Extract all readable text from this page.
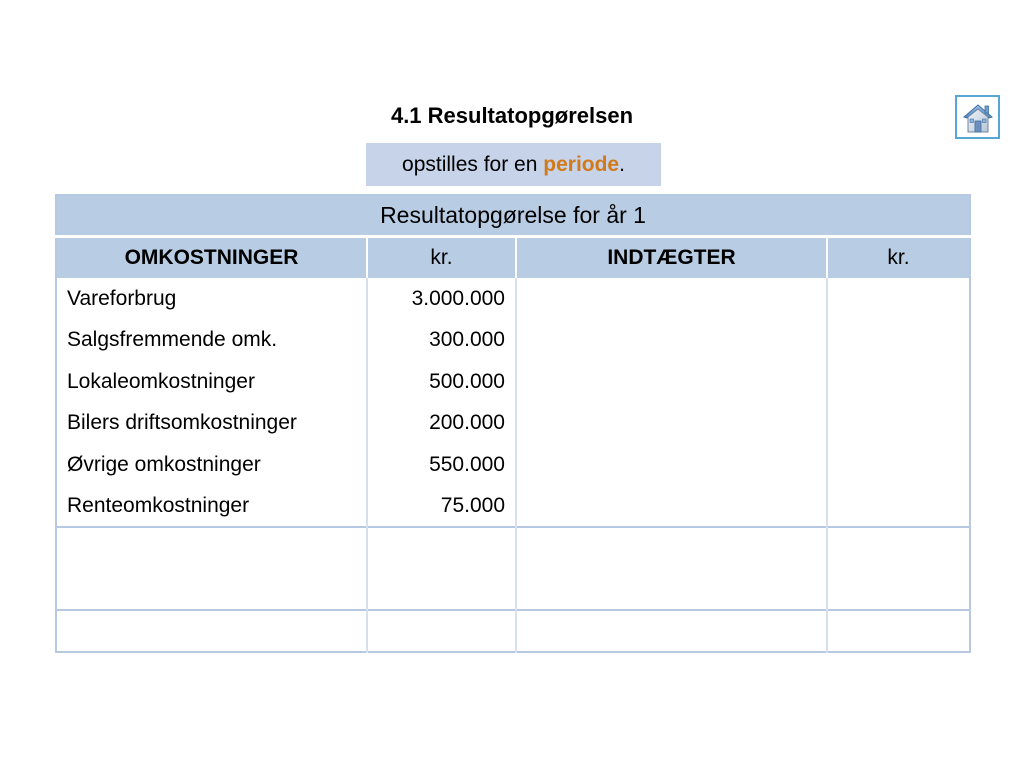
4.1 Resultatopgørelsen
opstilles for en periode.
Resultatopgørelse for år 1			
OMKOSTNINGER	kr.	INDTÆGTER	kr.
Vareforbrug	3.000.000		
Salgsfremmende omk.	300.000		
Lokaleomkostninger	500.000		
Bilers driftsomkostninger	200.000		
Øvrige omkostninger	550.000		
Renteomkostninger	75.000		
